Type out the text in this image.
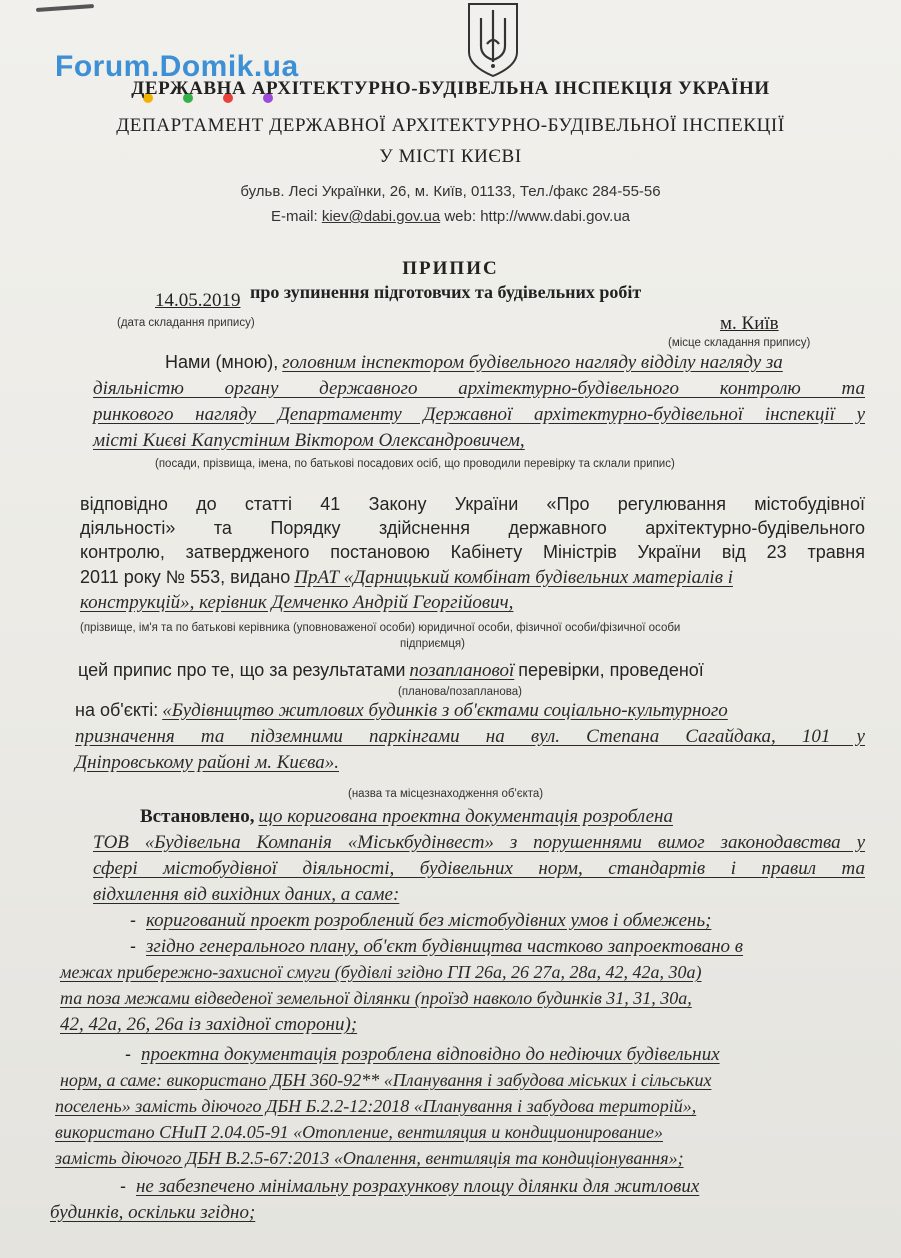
Forum.Domik.ua
ДЕРЖАВНА АРХІТЕКТУРНО-БУДІВЕЛЬНА ІНСПЕКЦІЯ УКРАЇНИ
ДЕПАРТАМЕНТ ДЕРЖАВНОЇ АРХІТЕКТУРНО-БУДІВЕЛЬНОЇ ІНСПЕКЦІЇ
У МІСТІ КИЄВІ
бульв. Лесі Українки, 26, м. Київ, 01133, Тел./факс 284-55-56
E-mail: kiev@dabi.gov.ua web: http://www.dabi.gov.ua
ПРИПИС
про зупинення підготовчих та будівельних робіт
14.05.2019
(дата складання припису)	м. Київ
(місце складання припису)
Нами (мною), головним інспектором будівельного нагляду відділу нагляду за
діяльністю органу державного архітектурно-будівельного контролю та
ринкового нагляду Департаменту Державної архітектурно-будівельної інспекції у
місті Києві Капустіним Віктором Олександровичем,
(посади, прізвища, імена, по батькові посадових осіб, що проводили перевірку та склали припис)
відповідно до статті 41 Закону України «Про регулювання містобудівної
діяльності» та Порядку здійснення державного архітектурно-будівельного
контролю, затвердженого постановою Кабінету Міністрів України від 23 травня
2011 року № 553, видано ПрАТ «Дарницький комбінат будівельних матеріалів і
конструкцій», керівник Демченко Андрій Георгійович,
(прізвище, ім'я та по батькові керівника (уповноваженої особи) юридичної особи, фізичної особи/фізичної особи
підприємця)
цей припис про те, що за результатами позапланової перевірки, проведеної
(планова/позапланова)
на об'єкті: «Будівництво житлових будинків з об'єктами соціально-культурного
призначення та підземними паркінгами на вул. Степана Сагайдака, 101 у
Дніпровському районі м. Києва».
(назва та місцезнаходження об'єкта)
Встановлено, що коригована проектна документація розроблена
ТОВ «Будівельна Компанія «Міськбудінвест» з порушеннями вимог законодавства у
сфері містобудівної діяльності, будівельних норм, стандартів і правил та
відхилення від вихідних даних, а саме:
-  коригований проект розроблений без містобудівних умов і обмежень;
-  згідно генерального плану, об'єкт будівництва частково запроектовано в
межах прибережно-захисної смуги (будівлі згідно ГП 26а, 26 27а, 28а, 42, 42а, 30а)
та поза межами відведеної земельної ділянки (проїзд навколо будинків 31, 31, 30а,
42, 42а, 26, 26а із західної сторони);
-  проектна документація розроблена відповідно до недіючих будівельних
норм, а саме: використано ДБН 360-92** «Планування і забудова міських і сільських
поселень» замість діючого ДБН Б.2.2-12:2018 «Планування і забудова територій»,
використано СНиП 2.04.05-91 «Отопление, вентиляция и кондиционирование»
замість діючого ДБН В.2.5-67:2013 «Опалення, вентиляція та кондиціонування»;
-  не забезпечено мінімальну розрахункову площу ділянки для житлових
будинків, оскільки згідно;
